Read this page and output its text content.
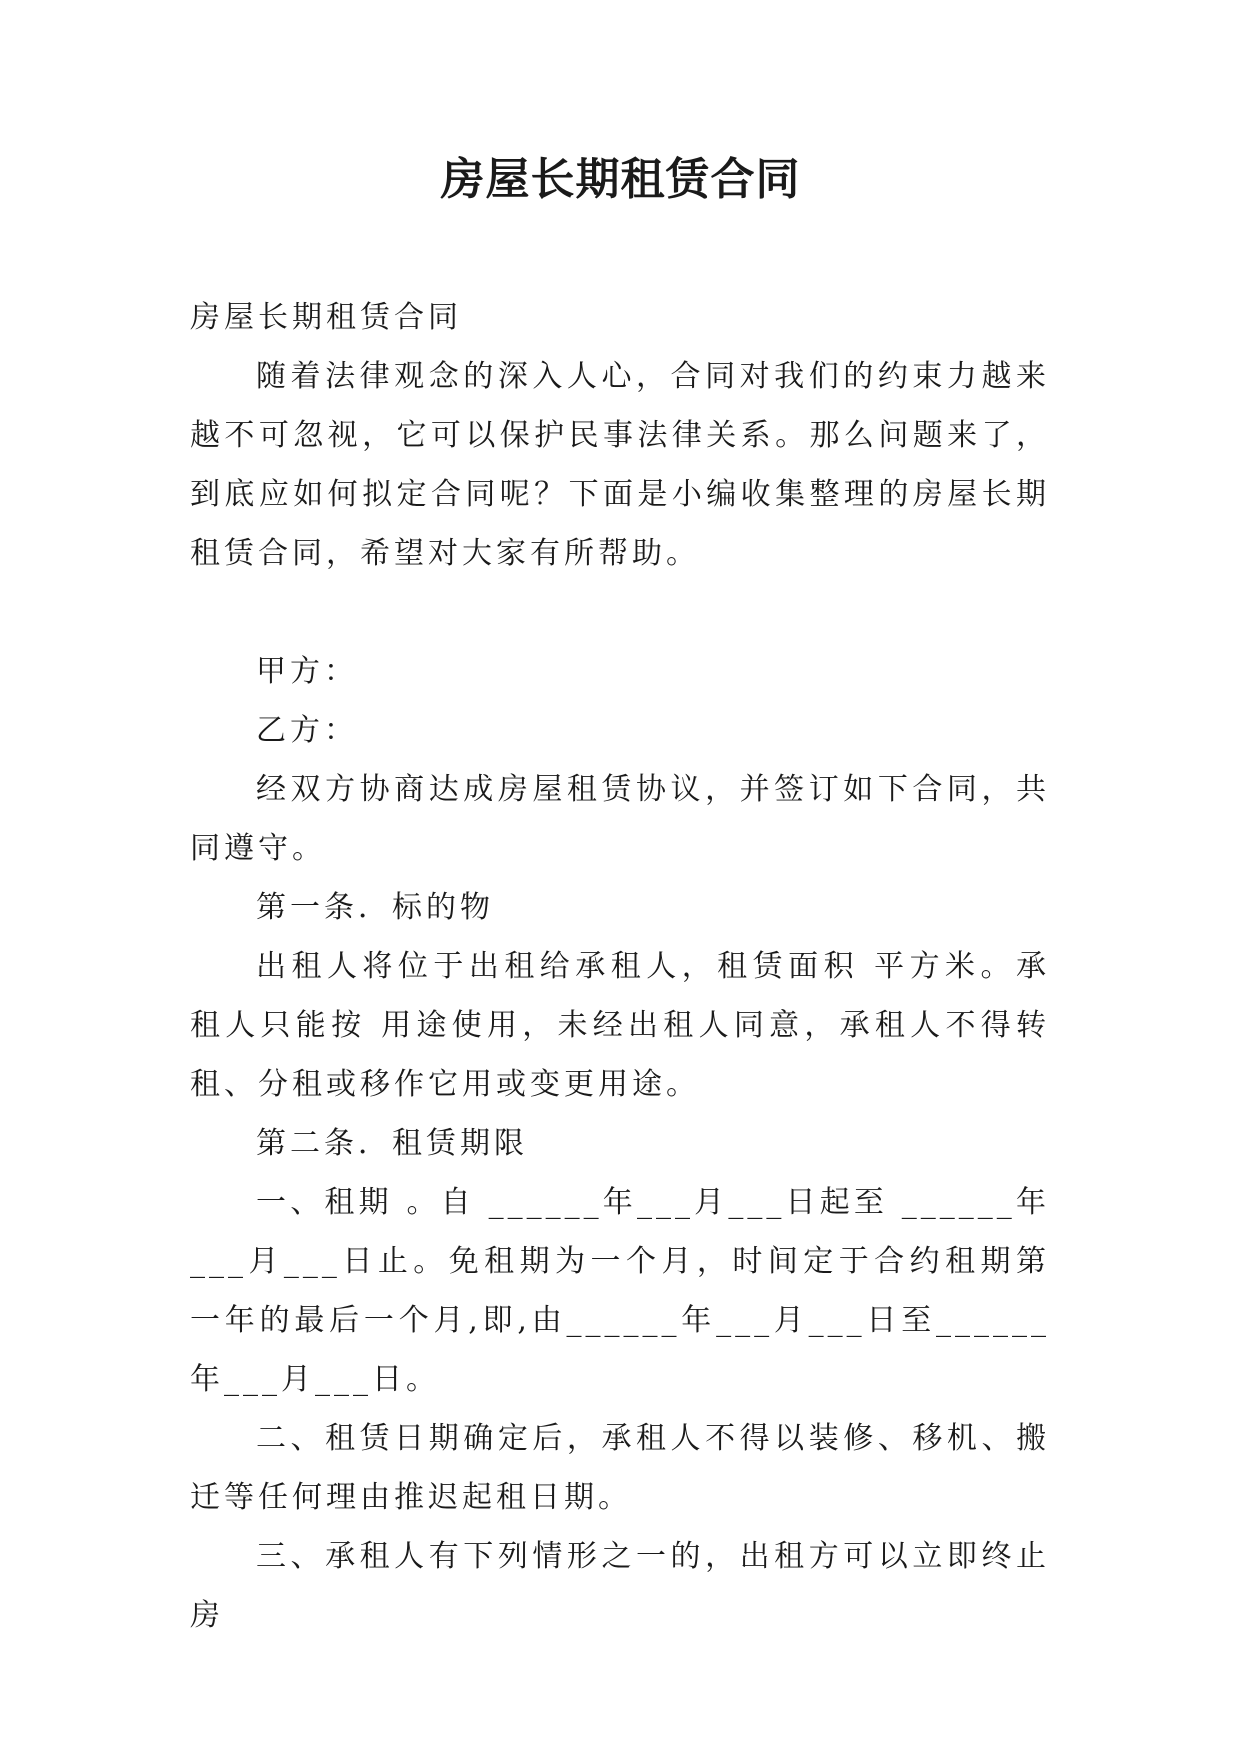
房屋长期租赁合同

房屋长期租赁合同

随着法律观念的深入人心，合同对我们的约束力越来越不可忽视，它可以保护民事法律关系。那么问题来了，到底应如何拟定合同呢？下面是小编收集整理的房屋长期租赁合同，希望对大家有所帮助。

甲方：

乙方：

经双方协商达成房屋租赁协议，并签订如下合同，共同遵守。

第一条．标的物

出租人将位于出租给承租人，租赁面积 平方米。承租人只能按 用途使用，未经出租人同意，承租人不得转租、分租或移作它用或变更用途。

第二条．租赁期限

一、租期 。自 ______年___月___日起至 ______年___月___日止。免租期为一个月，时间定于合约租期第一年的最后一个月,即,由______年___月___日至______年___月___日。

二、租赁日期确定后，承租人不得以装修、移机、搬迁等任何理由推迟起租日期。

三、承租人有下列情形之一的，出租方可以立即终止房
